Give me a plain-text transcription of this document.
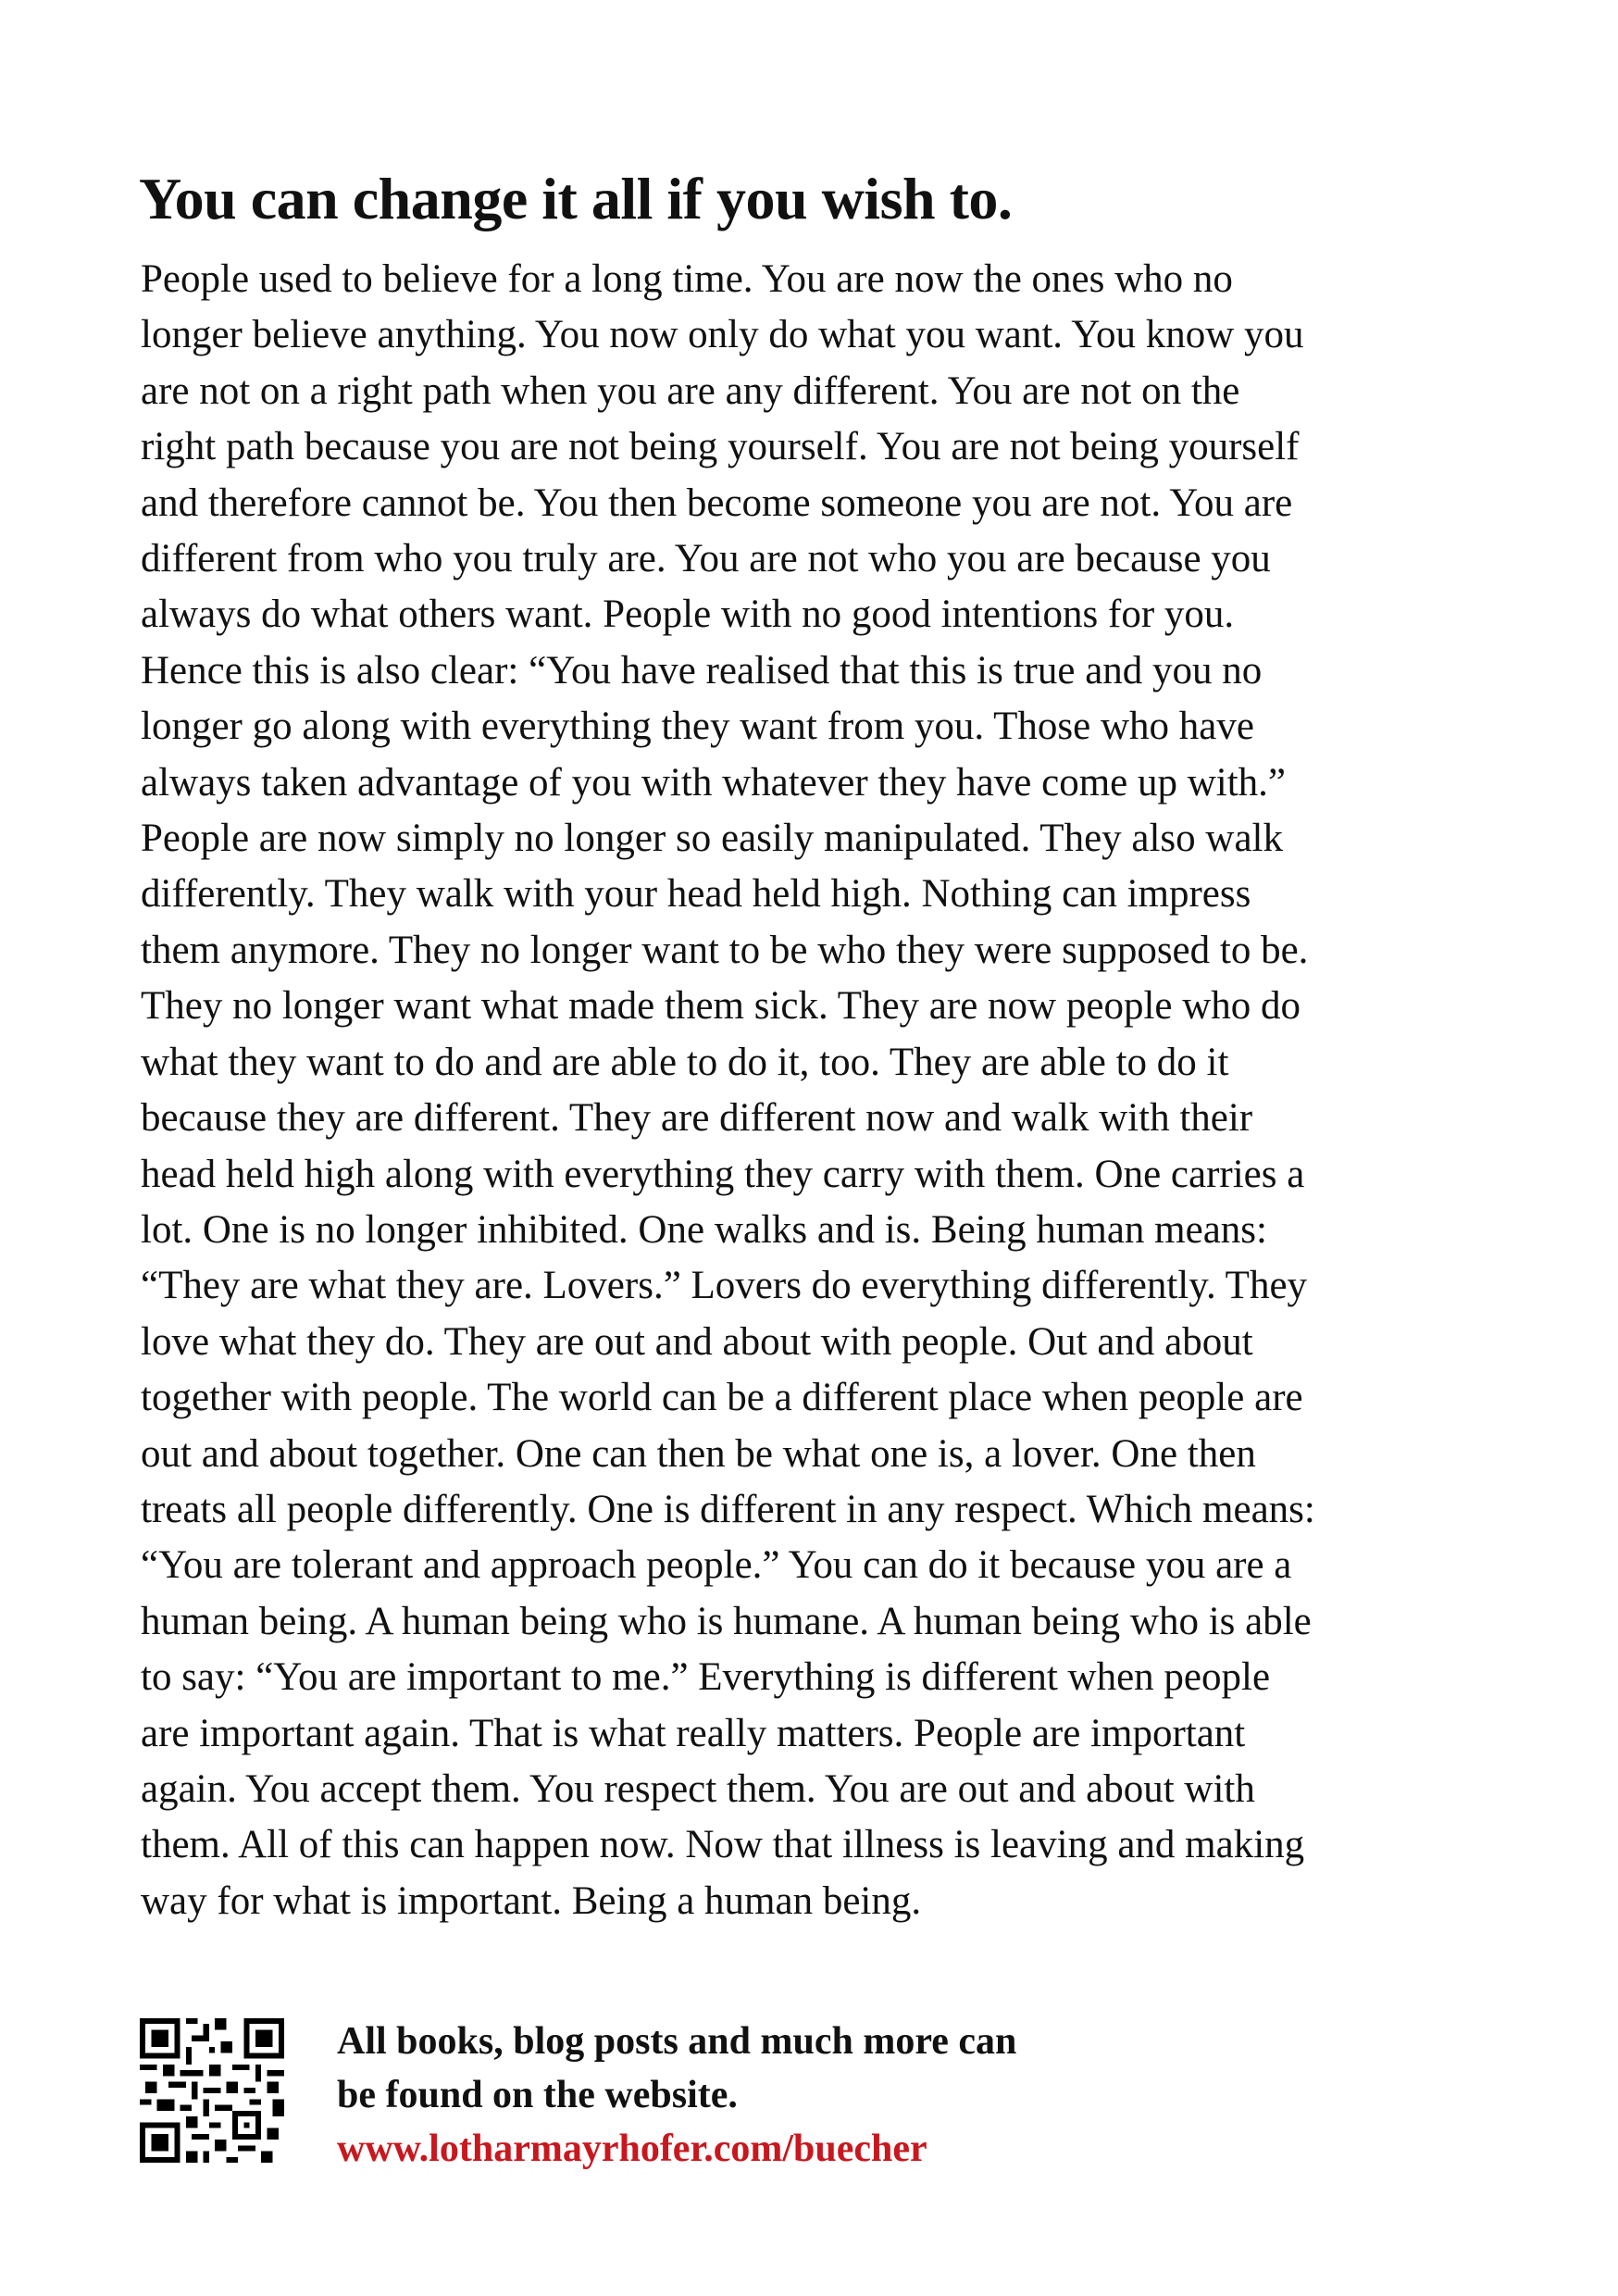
You can change it all if you wish to.
People used to believe for a long time. You are now the ones who no
longer believe anything. You now only do what you want. You know you
are not on a right path when you are any different. You are not on the
right path because you are not being yourself. You are not being yourself
and therefore cannot be. You then become someone you are not. You are
different from who you truly are. You are not who you are because you
always do what others want. People with no good intentions for you.
Hence this is also clear: “You have realised that this is true and you no
longer go along with everything they want from you. Those who have
always taken advantage of you with whatever they have come up with.”
People are now simply no longer so easily manipulated. They also walk
differently. They walk with your head held high. Nothing can impress
them anymore. They no longer want to be who they were supposed to be.
They no longer want what made them sick. They are now people who do
what they want to do and are able to do it, too. They are able to do it
because they are different. They are different now and walk with their
head held high along with everything they carry with them. One carries a
lot. One is no longer inhibited. One walks and is. Being human means:
“They are what they are. Lovers.” Lovers do everything differently. They
love what they do. They are out and about with people. Out and about
together with people. The world can be a different place when people are
out and about together. One can then be what one is, a lover. One then
treats all people differently. One is different in any respect. Which means:
“You are tolerant and approach people.” You can do it because you are a
human being. A human being who is humane. A human being who is able
to say: “You are important to me.” Everything is different when people
are important again. That is what really matters. People are important
again. You accept them. You respect them. You are out and about with
them. All of this can happen now. Now that illness is leaving and making
way for what is important. Being a human being.
All books, blog posts and much more can
be found on the website.
www.lotharmayrhofer.com/buecher
